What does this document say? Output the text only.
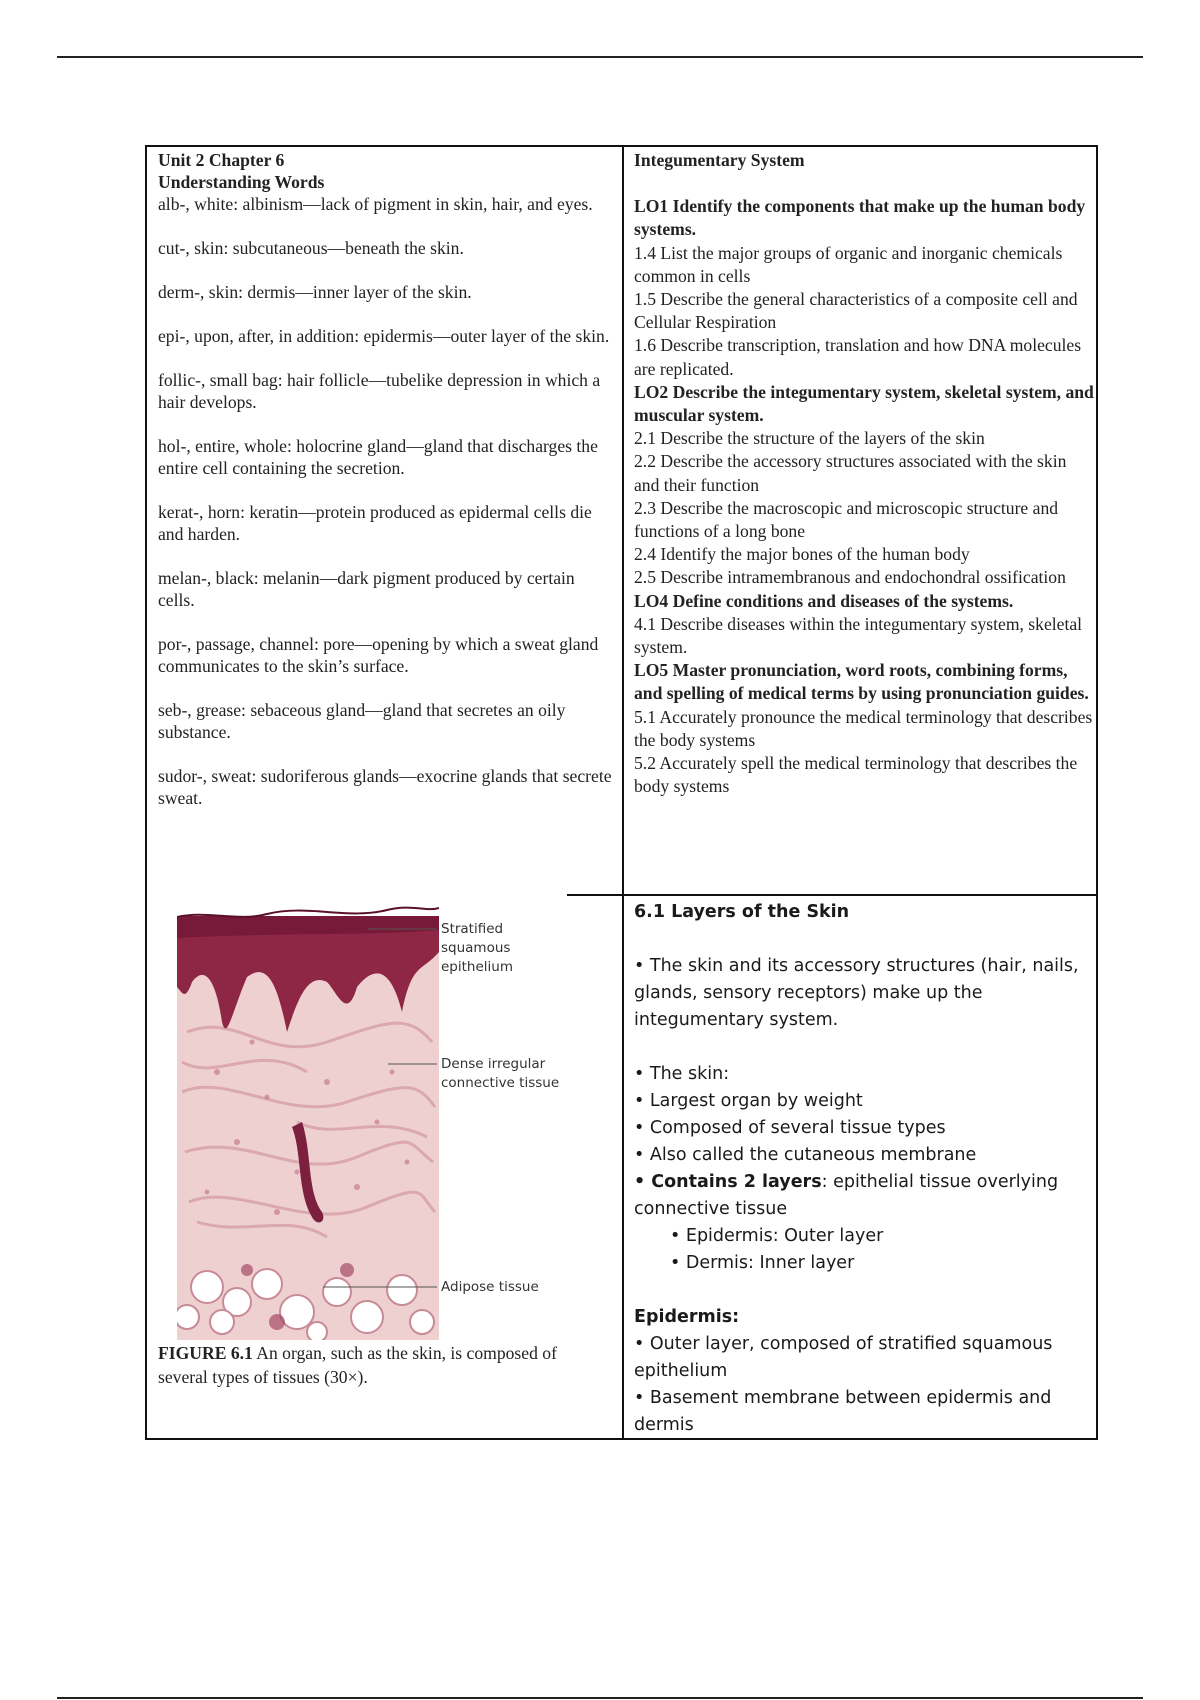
Unit 2 Chapter 6

Understanding Words

alb-, white: albinism—lack of pigment in skin, hair, and eyes.

cut-, skin: subcutaneous—beneath the skin.

derm-, skin: dermis—inner layer of the skin.

epi-, upon, after, in addition: epidermis—outer layer of the skin.

follic-, small bag: hair follicle—tubelike depression in which a hair develops.

hol-, entire, whole: holocrine gland—gland that discharges the entire cell containing the secretion.

kerat-, horn: keratin—protein produced as epidermal cells die and harden.

melan-, black: melanin—dark pigment produced by certain cells.

por-, passage, channel: pore—opening by which a sweat gland communicates to the skin’s surface.

seb-, grease: sebaceous gland—gland that secretes an oily substance.

sudor-, sweat: sudoriferous glands—exocrine glands that secrete sweat.

Integumentary System

LO1 Identify the components that make up the human body systems.

1.4 List the major groups of organic and inorganic chemicals common in cells

1.5 Describe the general characteristics of a composite cell and Cellular Respiration

1.6 Describe transcription, translation and how DNA molecules are replicated.

LO2 Describe the integumentary system, skeletal system, and muscular system.

2.1 Describe the structure of the layers of the skin

2.2 Describe the accessory structures associated with the skin and their function

2.3 Describe the macroscopic and microscopic structure and functions of a long bone

2.4 Identify the major bones of the human body

2.5 Describe intramembranous and endochondral ossification

LO4 Define conditions and diseases of the systems.

4.1 Describe diseases within the integumentary system, skeletal system.

LO5 Master pronunciation, word roots, combining forms, and spelling of medical terms by using pronunciation guides.

5.1 Accurately pronounce the medical terminology that describes the body systems

5.2 Accurately spell the medical terminology that describes the body systems

Stratified squamous epithelium
Dense irregular connective tissue
Adipose tissue

FIGURE 6.1 An organ, such as the skin, is composed of several types of tissues (30×).

6.1 Layers of the Skin

• The skin and its accessory structures (hair, nails, glands, sensory receptors) make up the integumentary system.

• The skin:

• Largest organ by weight

• Composed of several tissue types

• Also called the cutaneous membrane

• Contains 2 layers: epithelial tissue overlying connective tissue

• Epidermis: Outer layer

• Dermis: Inner layer

Epidermis:

• Outer layer, composed of stratified squamous epithelium

• Basement membrane between epidermis and dermis
